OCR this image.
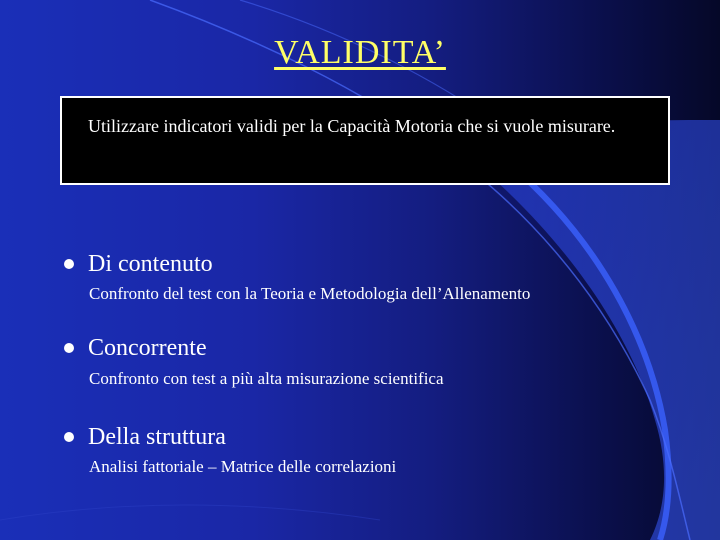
VALIDITA’
Utilizzare indicatori validi per la Capacità Motoria che si vuole misurare.
Di contenuto
Confronto del test con la Teoria e Metodologia dell’Allenamento
Concorrente
Confronto con test a più alta misurazione scientifica
Della struttura
Analisi fattoriale – Matrice delle correlazioni
